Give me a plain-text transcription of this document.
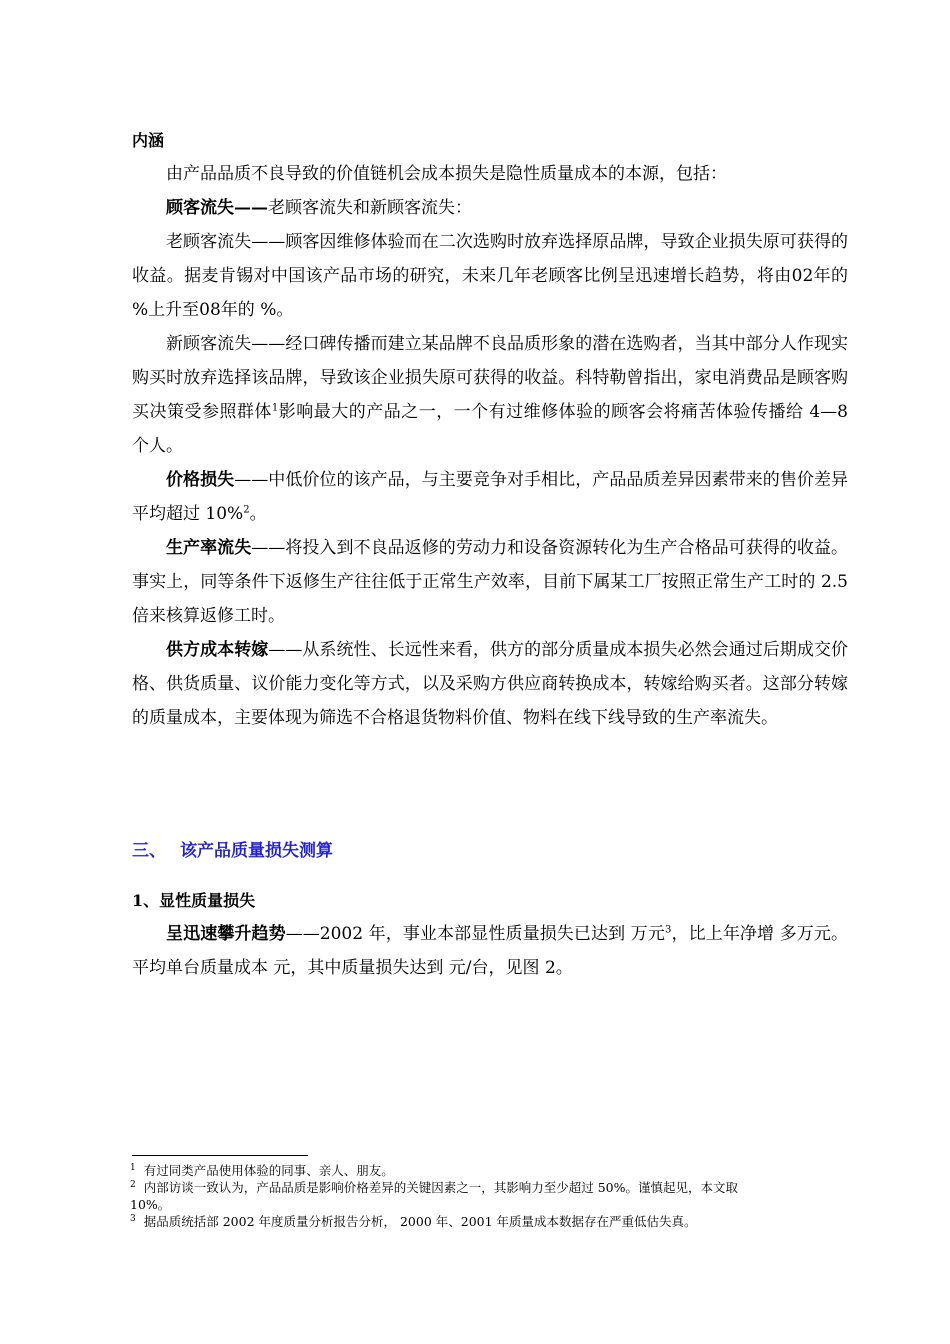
内涵

由产品品质不良导致的价值链机会成本损失是隐性质量成本的本源，包括：

顾客流失——老顾客流失和新顾客流失：

老顾客流失——顾客因维修体验而在二次选购时放弃选择原品牌，导致企业损失原可获得的收益。据麦肯锡对中国该产品市场的研究，未来几年老顾客比例呈迅速增长趋势，将由02年的 %上升至08年的 %。

新顾客流失——经口碑传播而建立某品牌不良品质形象的潜在选购者，当其中部分人作现实购买时放弃选择该品牌，导致该企业损失原可获得的收益。科特勒曾指出，家电消费品是顾客购买决策受参照群体$^1$影响最大的产品之一，一个有过维修体验的顾客会将痛苦体验传播给 4—8 个人。

价格损失——中低价位的该产品，与主要竞争对手相比，产品品质差异因素带来的售价差异平均超过 10%$^2$。

生产率流失——将投入到不良品返修的劳动力和设备资源转化为生产合格品可获得的收益。事实上，同等条件下返修生产往往低于正常生产效率，目前下属某工厂按照正常生产工时的 2.5 倍来核算返修工时。

供方成本转嫁——从系统性、长远性来看，供方的部分质量成本损失必然会通过后期成交价格、供货质量、议价能力变化等方式，以及采购方供应商转换成本，转嫁给购买者。这部分转嫁的质量成本，主要体现为筛选不合格退货物料价值、物料在线下线导致的生产率流失。

三、 该产品质量损失测算
1、显性质量损失

呈迅速攀升趋势——2002 年，事业本部显性质量损失已达到 万元$^3$，比上年净增 多万元。平均单台质量成本 元，其中质量损失达到 元/台，见图 2。

$^1$ 有过同类产品使用体验的同事、亲人、朋友。

$^2$ 内部访谈一致认为，产品品质是影响价格差异的关键因素之一，其影响力至少超过 50%。谨慎起见，本文取
10%。

$^3$ 据品质统括部 2002 年度质量分析报告分析， 2000 年、2001 年质量成本数据存在严重低估失真。
